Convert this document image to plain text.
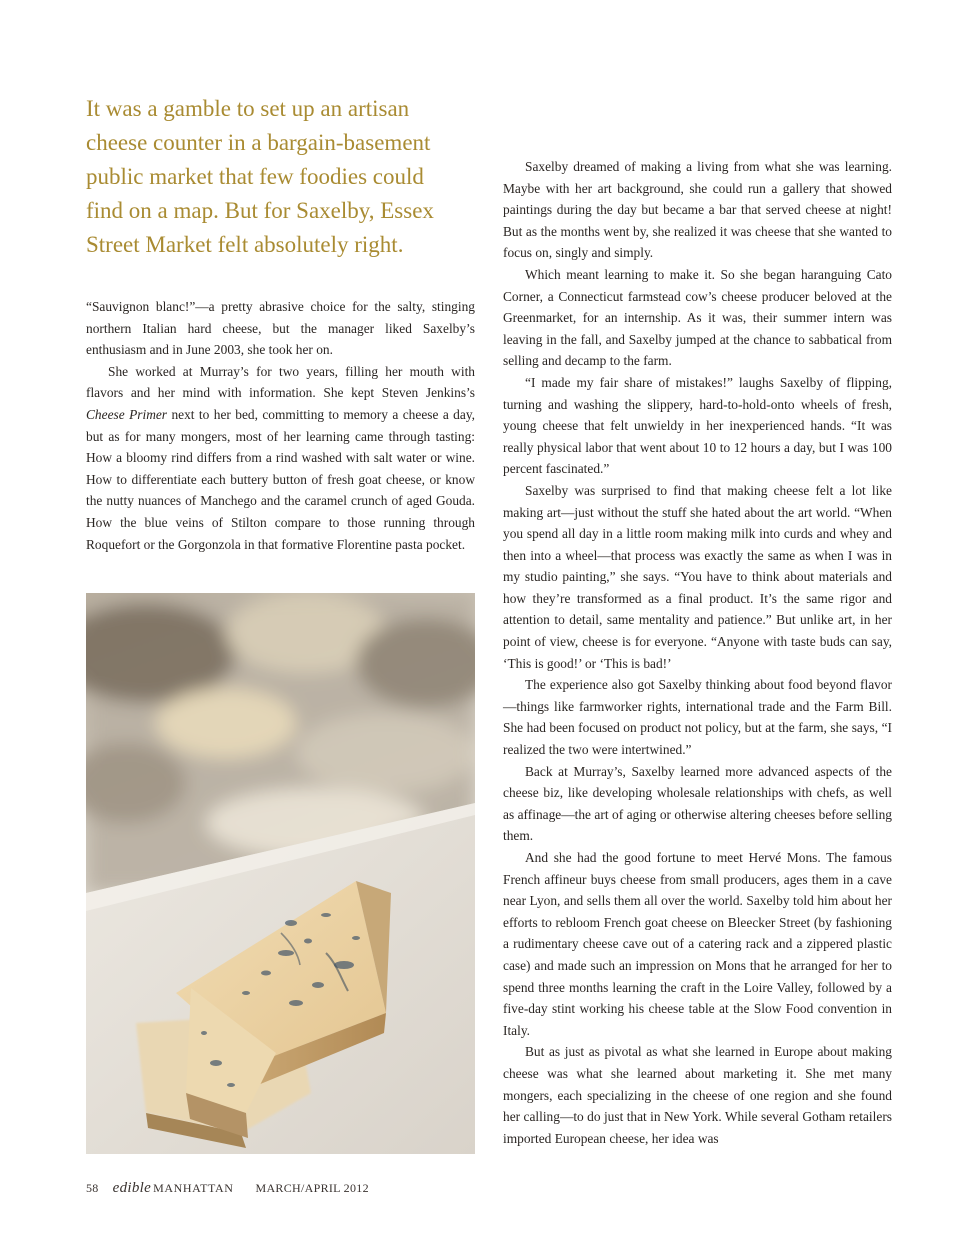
It was a gamble to set up an artisan cheese counter in a bargain-basement public market that few foodies could find on a map. But for Saxelby, Essex Street Market felt absolutely right.

“Sauvignon blanc!”—a pretty abrasive choice for the salty, stinging northern Italian hard cheese, but the manager liked Saxelby’s enthusiasm and in June 2003, she took her on.

She worked at Murray’s for two years, filling her mouth with flavors and her mind with information. She kept Steven Jenkins’s Cheese Primer next to her bed, committing to memory a cheese a day, but as for many mongers, most of her learning came through tasting: How a bloomy rind differs from a rind washed with salt water or wine. How to differentiate each buttery button of fresh goat cheese, or know the nutty nuances of Manchego and the caramel crunch of aged Gouda. How the blue veins of Stilton compare to those running through Roquefort or the Gorgonzola in that formative Florentine pasta pocket.

Saxelby dreamed of making a living from what she was learning. Maybe with her art background, she could run a gallery that showed paintings during the day but became a bar that served cheese at night! But as the months went by, she realized it was cheese that she wanted to focus on, singly and simply.

Which meant learning to make it. So she began haranguing Cato Corner, a Connecticut farmstead cow’s cheese producer beloved at the Greenmarket, for an internship. As it was, their summer intern was leaving in the fall, and Saxelby jumped at the chance to sabbatical from selling and decamp to the farm.

“I made my fair share of mistakes!” laughs Saxelby of flipping, turning and washing the slippery, hard-to-hold-onto wheels of fresh, young cheese that felt unwieldy in her inexperienced hands. “It was really physical labor that went about 10 to 12 hours a day, but I was 100 percent fascinated.”

Saxelby was surprised to find that making cheese felt a lot like making art—just without the stuff she hated about the art world. “When you spend all day in a little room making milk into curds and whey and then into a wheel—that process was exactly the same as when I was in my studio painting,” she says. “You have to think about materials and how they’re transformed as a final product. It’s the same rigor and attention to detail, same mentality and patience.” But unlike art, in her point of view, cheese is for everyone. “Anyone with taste buds can say, ‘This is good!’ or ‘This is bad!’

The experience also got Saxelby thinking about food beyond flavor—things like farmworker rights, international trade and the Farm Bill. She had been focused on product not policy, but at the farm, she says, “I realized the two were intertwined.”

Back at Murray’s, Saxelby learned more advanced aspects of the cheese biz, like developing wholesale relationships with chefs, as well as affinage—the art of aging or otherwise altering cheeses before selling them.

And she had the good fortune to meet Hervé Mons. The famous French affineur buys cheese from small producers, ages them in a cave near Lyon, and sells them all over the world. Saxelby told him about her efforts to rebloom French goat cheese on Bleecker Street (by fashioning a rudimentary cheese cave out of a catering rack and a zippered plastic case) and made such an impression on Mons that he arranged for her to spend three months learning the craft in the Loire Valley, followed by a five-day stint working his cheese table at the Slow Food convention in Italy.

But as just as pivotal as what she learned in Europe about making cheese was what she learned about marketing it. She met many mongers, each specializing in the cheese of one region and she found her calling—to do just that in New York. While several Gotham retailers imported European cheese, her idea was

58 edible MANHATTAN MARCH/APRIL 2012
